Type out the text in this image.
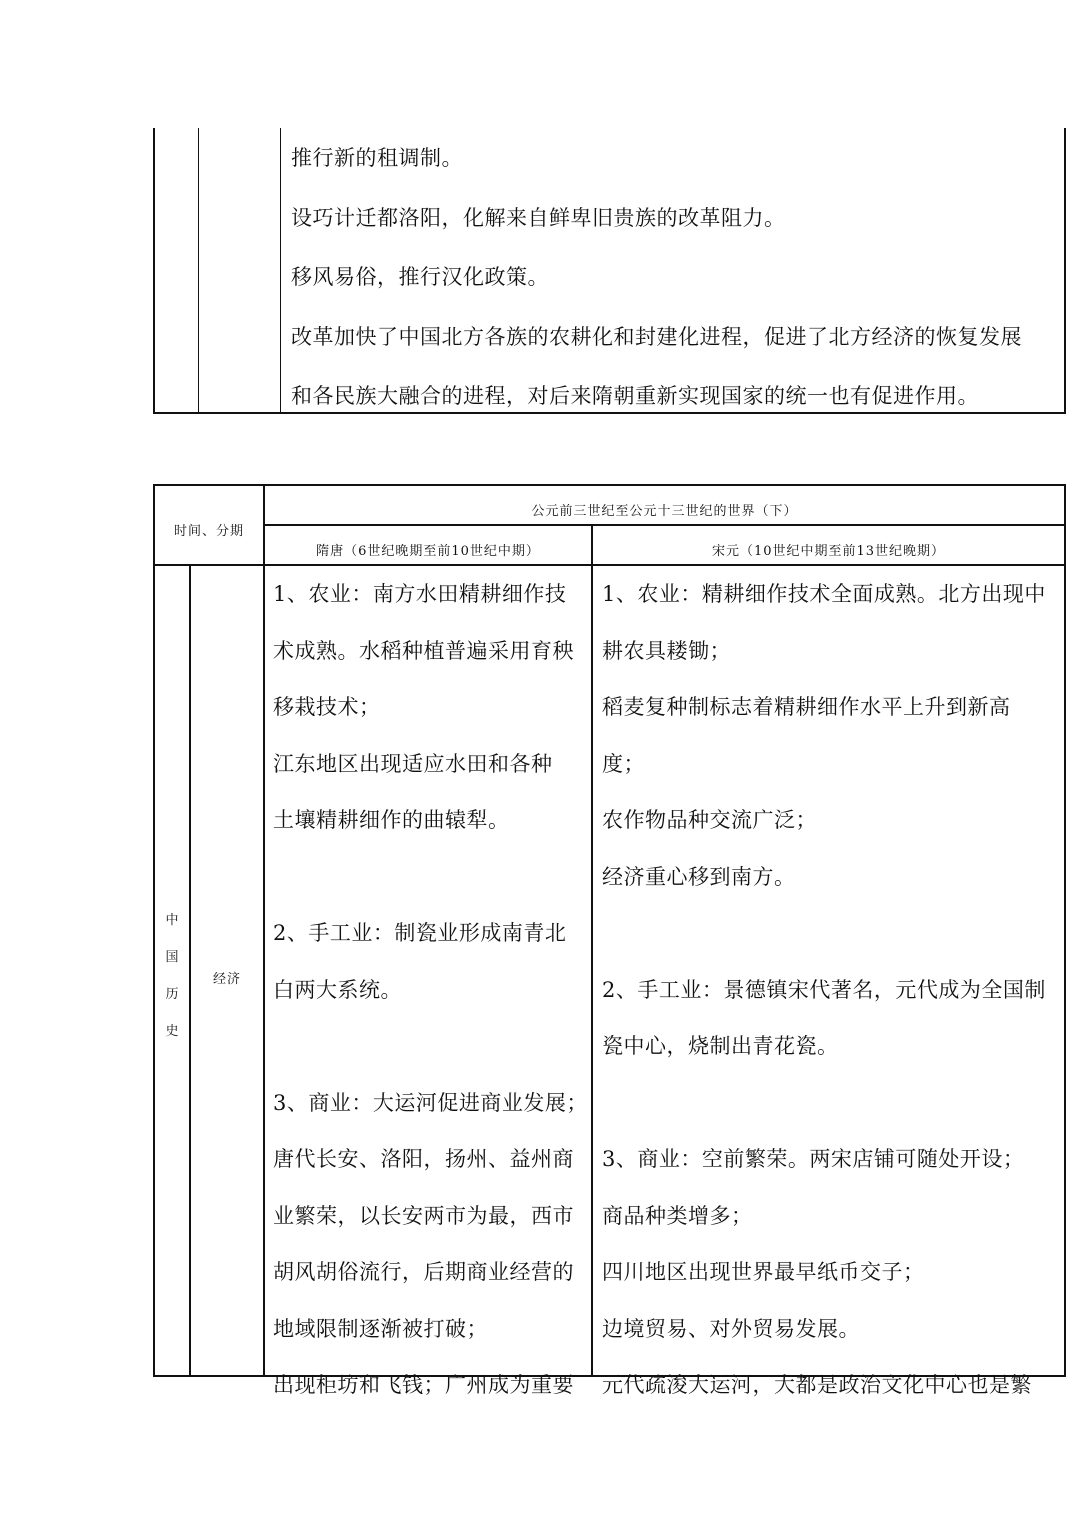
推行新的租调制。

设巧计迁都洛阳，化解来自鲜卑旧贵族的改革阻力。

移风易俗，推行汉化政策。

改革加快了中国北方各族的农耕化和封建化进程，促进了北方经济的恢复发展

和各民族大融合的进程，对后来隋朝重新实现国家的统一也有促进作用。

时间、分期
公元前三世纪至公元十三世纪的世界（下）
隋唐（6世纪晚期至前10世纪中期）	宋元（10世纪中期至前13世纪晚期）
中
国
历
史
经济

1、农业：南方水田精耕细作技

术成熟。水稻种植普遍采用育秧

移栽技术；

江东地区出现适应水田和各种

土壤精耕细作的曲辕犁。

2、手工业：制瓷业形成南青北

白两大系统。

3、商业：大运河促进商业发展；

唐代长安、洛阳，扬州、益州商

业繁荣，以长安两市为最，西市

胡风胡俗流行，后期商业经营的

地域限制逐渐被打破；

出现柜坊和飞钱；广州成为重要

1、农业：精耕细作技术全面成熟。北方出现中

耕农具耧锄；

稻麦复种制标志着精耕细作水平上升到新高

度；

农作物品种交流广泛；

经济重心移到南方。

2、手工业：景德镇宋代著名，元代成为全国制

瓷中心，烧制出青花瓷。

3、商业：空前繁荣。两宋店铺可随处开设；

商品种类增多；

四川地区出现世界最早纸币交子；

边境贸易、对外贸易发展。

元代疏浚大运河，大都是政治文化中心也是繁
